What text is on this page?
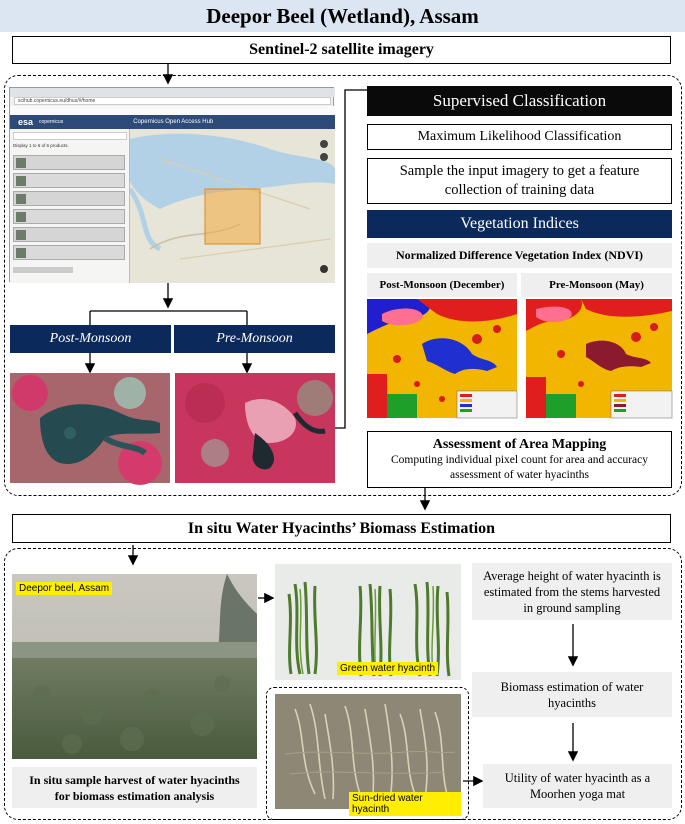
Deepor Beel (Wetland), Assam
Sentinel-2 satellite imagery
scihub.copernicus.eu/dhus/#/home
esa copernicus	Copernicus Open Access Hub
Display 1 to 6 of 6 products.
Post-Monsoon	Pre-Monsoon
Supervised Classification
Maximum Likelihood Classification
Sample the input imagery to get a feature collection of training data
Vegetation Indices
Normalized Difference Vegetation Index (NDVI)
Post-Monsoon (December)	Pre-Monsoon (May)
Assessment of Area Mapping
Computing individual pixel count for area and accuracy assessment of water hyacinths
In situ Water Hyacinths’ Biomass Estimation
Deepor beel, Assam
In situ sample harvest of water hyacinths for biomass estimation analysis
Green water hyacinth
Sun-dried water hyacinth
Average height of water hyacinth is estimated from the stems harvested in ground sampling
Biomass estimation of water hyacinths
Utility of water hyacinth as a Moorhen yoga mat
